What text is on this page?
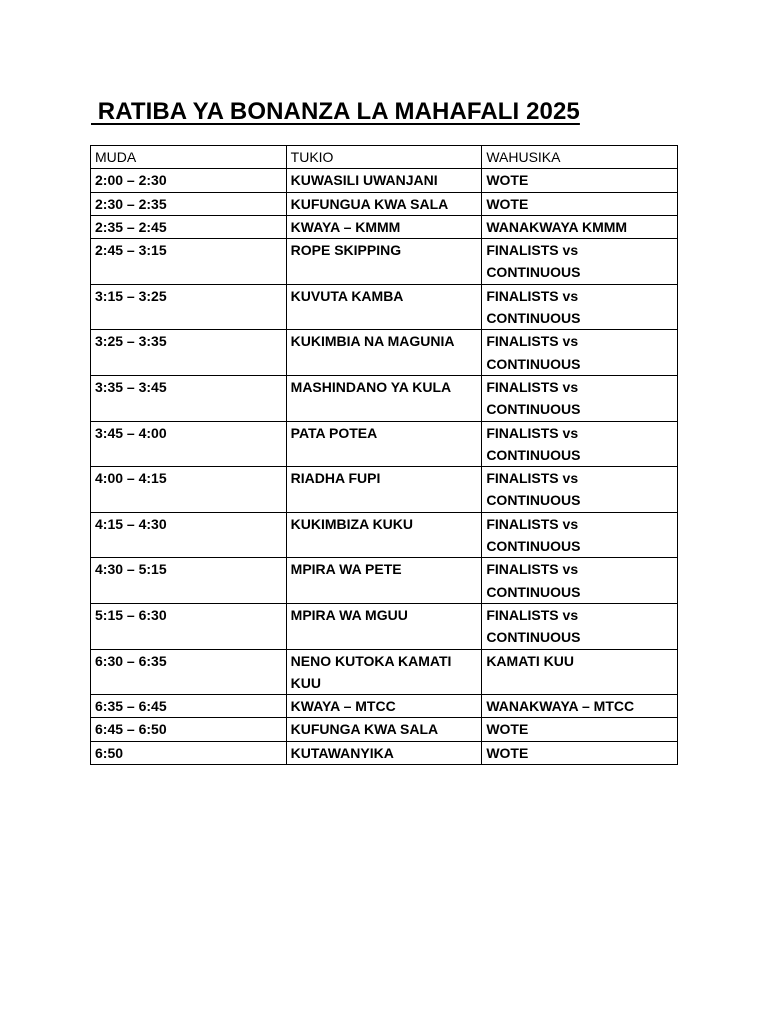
RATIBA YA BONANZA LA MAHAFALI 2025
MUDA	TUKIO	WAHUSIKA
2:00 – 2:30	KUWASILI UWANJANI	WOTE
2:30 – 2:35	KUFUNGUA KWA SALA	WOTE
2:35 – 2:45	KWAYA – KMMM	WANAKWAYA KMMM
2:45 – 3:15	ROPE SKIPPING	FINALISTS vs CONTINUOUS
3:15 – 3:25	KUVUTA KAMBA	FINALISTS vs CONTINUOUS
3:25 – 3:35	KUKIMBIA NA MAGUNIA	FINALISTS vs CONTINUOUS
3:35 – 3:45	MASHINDANO YA KULA	FINALISTS vs CONTINUOUS
3:45 – 4:00	PATA POTEA	FINALISTS vs CONTINUOUS
4:00 – 4:15	RIADHA FUPI	FINALISTS vs CONTINUOUS
4:15 – 4:30	KUKIMBIZA KUKU	FINALISTS vs CONTINUOUS
4:30 – 5:15	MPIRA WA PETE	FINALISTS vs CONTINUOUS
5:15 – 6:30	MPIRA WA MGUU	FINALISTS vs CONTINUOUS
6:30 – 6:35	NENO KUTOKA KAMATI KUU	KAMATI KUU
6:35 – 6:45	KWAYA – MTCC	WANAKWAYA – MTCC
6:45 – 6:50	KUFUNGA KWA SALA	WOTE
6:50	KUTAWANYIKA	WOTE
